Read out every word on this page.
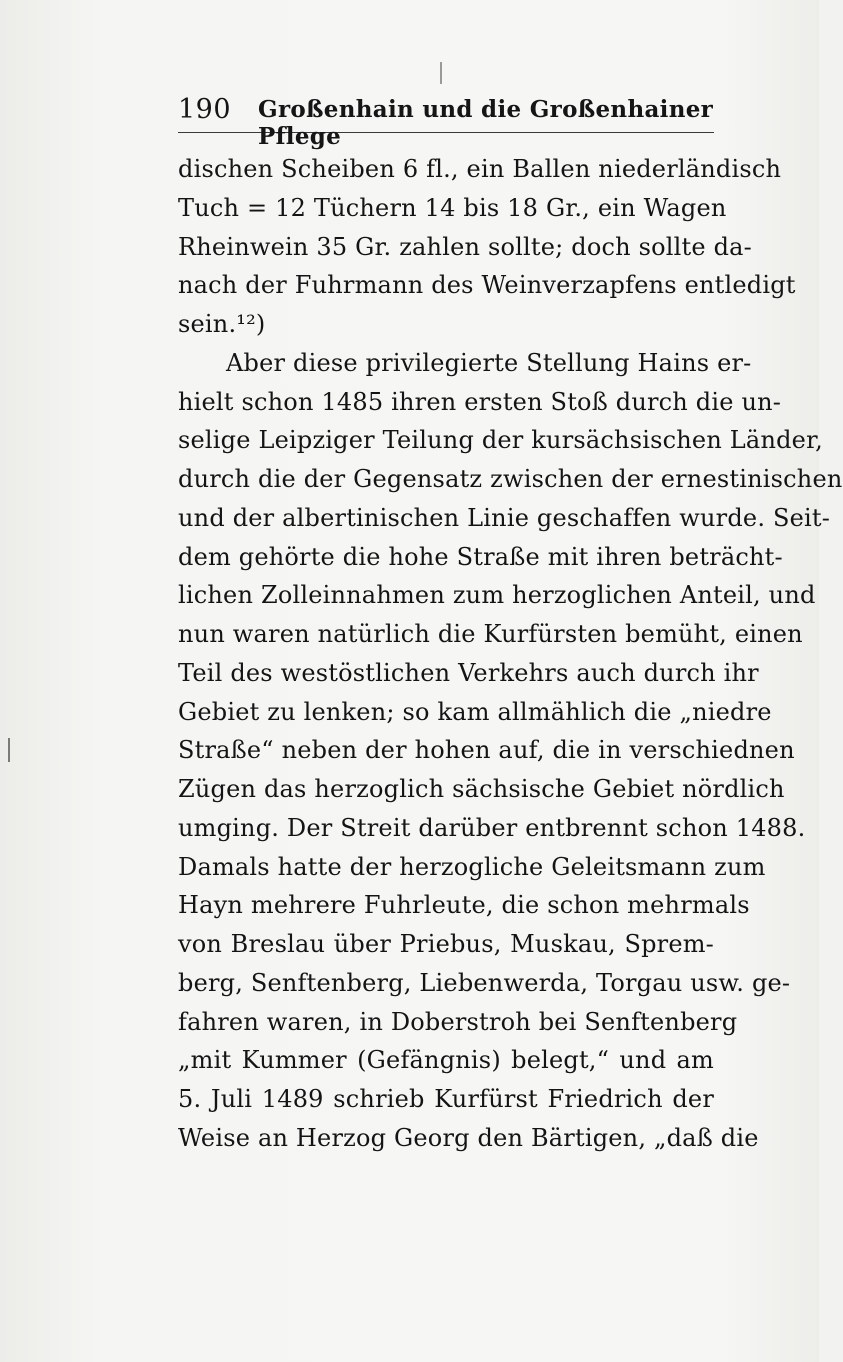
190 Großenhain und die Großenhainer Pflege
dischen Scheiben 6 fl., ein Ballen niederländisch
Tuch = 12 Tüchern 14 bis 18 Gr., ein Wagen
Rheinwein 35 Gr. zahlen sollte; doch sollte da-
nach der Fuhrmann des Weinverzapfens entledigt
sein.¹²)
Aber diese privilegierte Stellung Hains er-
hielt schon 1485 ihren ersten Stoß durch die un-
selige Leipziger Teilung der kursächsischen Länder,
durch die der Gegensatz zwischen der ernestinischen
und der albertinischen Linie geschaffen wurde. Seit-
dem gehörte die hohe Straße mit ihren beträcht-
lichen Zolleinnahmen zum herzoglichen Anteil, und
nun waren natürlich die Kurfürsten bemüht, einen
Teil des westöstlichen Verkehrs auch durch ihr
Gebiet zu lenken; so kam allmählich die „niedre
Straße“ neben der hohen auf, die in verschiednen
Zügen das herzoglich sächsische Gebiet nördlich
umging. Der Streit darüber entbrennt schon 1488.
Damals hatte der herzogliche Geleitsmann zum
Hayn mehrere Fuhrleute, die schon mehrmals
von Breslau über Priebus, Muskau, Sprem-
berg, Senftenberg, Liebenwerda, Torgau usw. ge-
fahren waren, in Doberstroh bei Senftenberg
„mit Kummer (Gefängnis) belegt,“ und am
5. Juli 1489 schrieb Kurfürst Friedrich der
Weise an Herzog Georg den Bärtigen, „daß die
